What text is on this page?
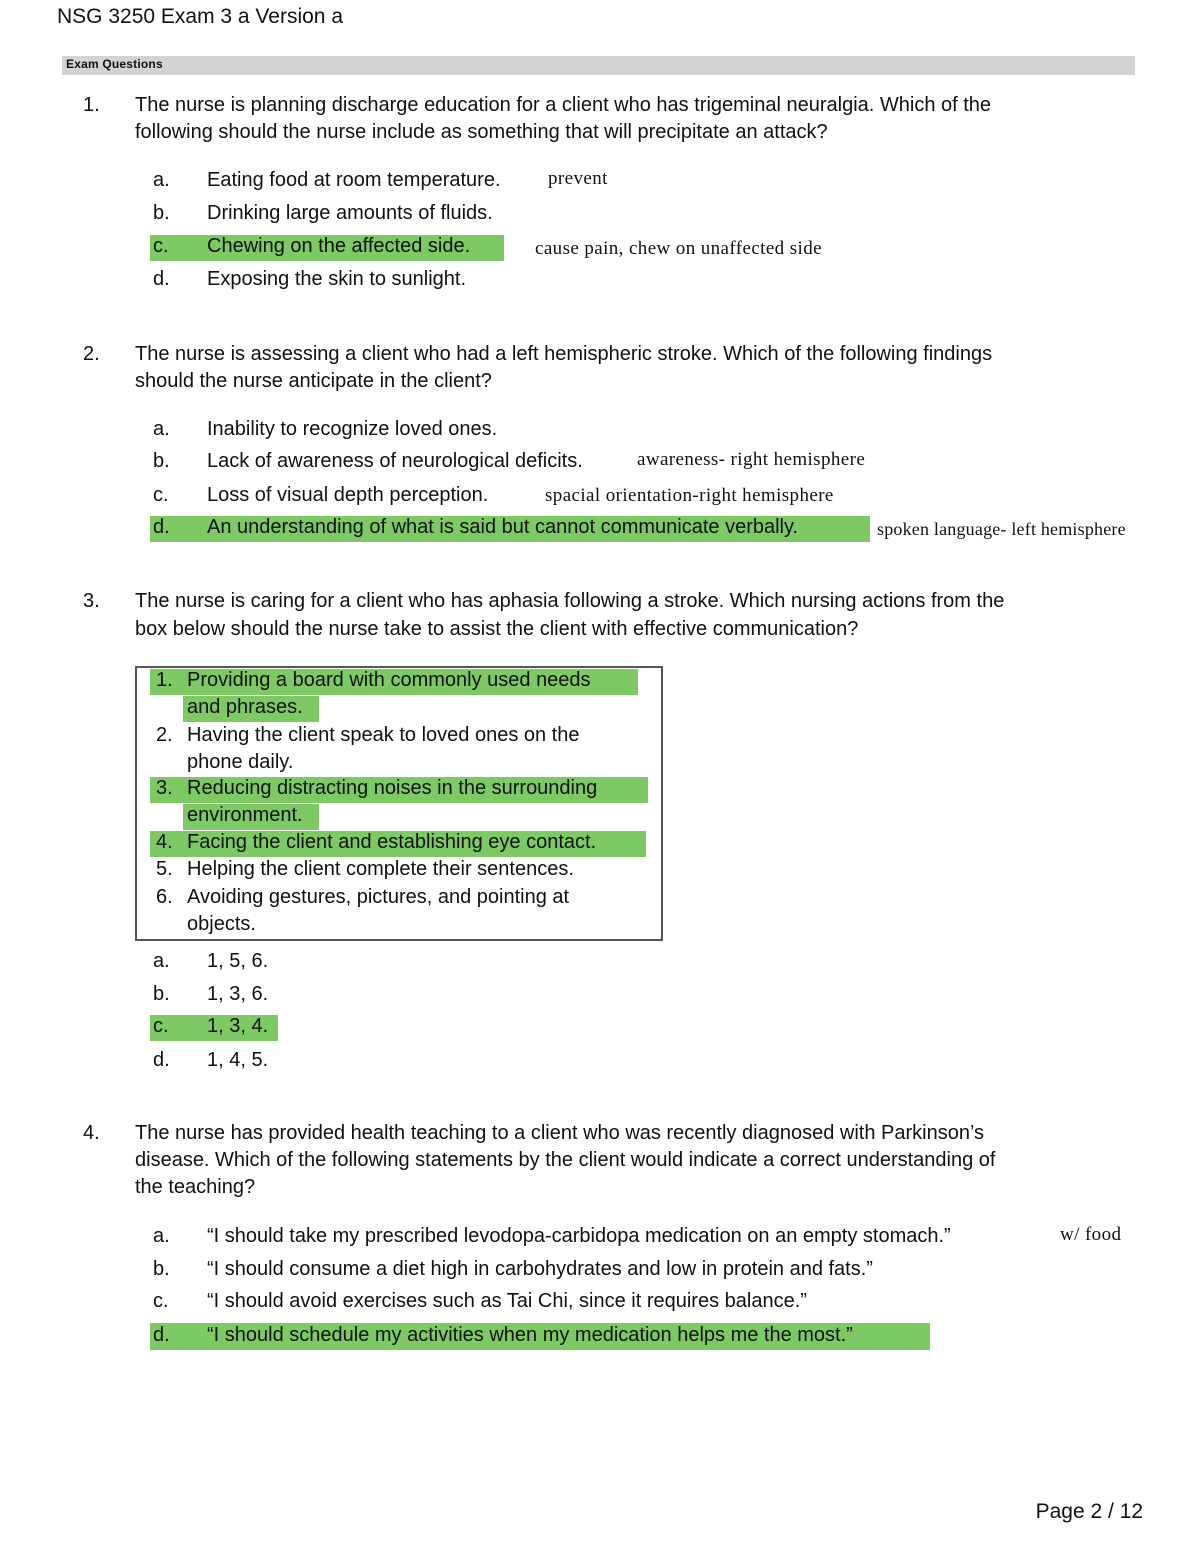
NSG 3250 Exam 3 a Version a
Exam Questions
1. The nurse is planning discharge education for a client who has trigeminal neuralgia. Which of the
following should the nurse include as something that will precipitate an attack?
a. Eating food at room temperature.	prevent
b. Drinking large amounts of fluids.
c. Chewing on the affected side.	cause pain, chew on unaffected side
d. Exposing the skin to sunlight.
2. The nurse is assessing a client who had a left hemispheric stroke. Which of the following findings
should the nurse anticipate in the client?
a. Inability to recognize loved ones.
b. Lack of awareness of neurological deficits.	awareness- right hemisphere
c. Loss of visual depth perception.	spacial orientation-right hemisphere
d. An understanding of what is said but cannot communicate verbally.	spoken language- left hemisphere
3. The nurse is caring for a client who has aphasia following a stroke. Which nursing actions from the
box below should the nurse take to assist the client with effective communication?
1. Providing a board with commonly used needs
and phrases.
2. Having the client speak to loved ones on the
phone daily.
3. Reducing distracting noises in the surrounding
environment.
4. Facing the client and establishing eye contact.
5. Helping the client complete their sentences.
6. Avoiding gestures, pictures, and pointing at
objects.
a. 1, 5, 6.
b. 1, 3, 6.
c. 1, 3, 4.
d. 1, 4, 5.
4. The nurse has provided health teaching to a client who was recently diagnosed with Parkinson’s
disease. Which of the following statements by the client would indicate a correct understanding of
the teaching?
a. “I should take my prescribed levodopa-carbidopa medication on an empty stomach.”	w/ food
b. “I should consume a diet high in carbohydrates and low in protein and fats.”
c. “I should avoid exercises such as Tai Chi, since it requires balance.”
d. “I should schedule my activities when my medication helps me the most.”
Page 2 / 12
